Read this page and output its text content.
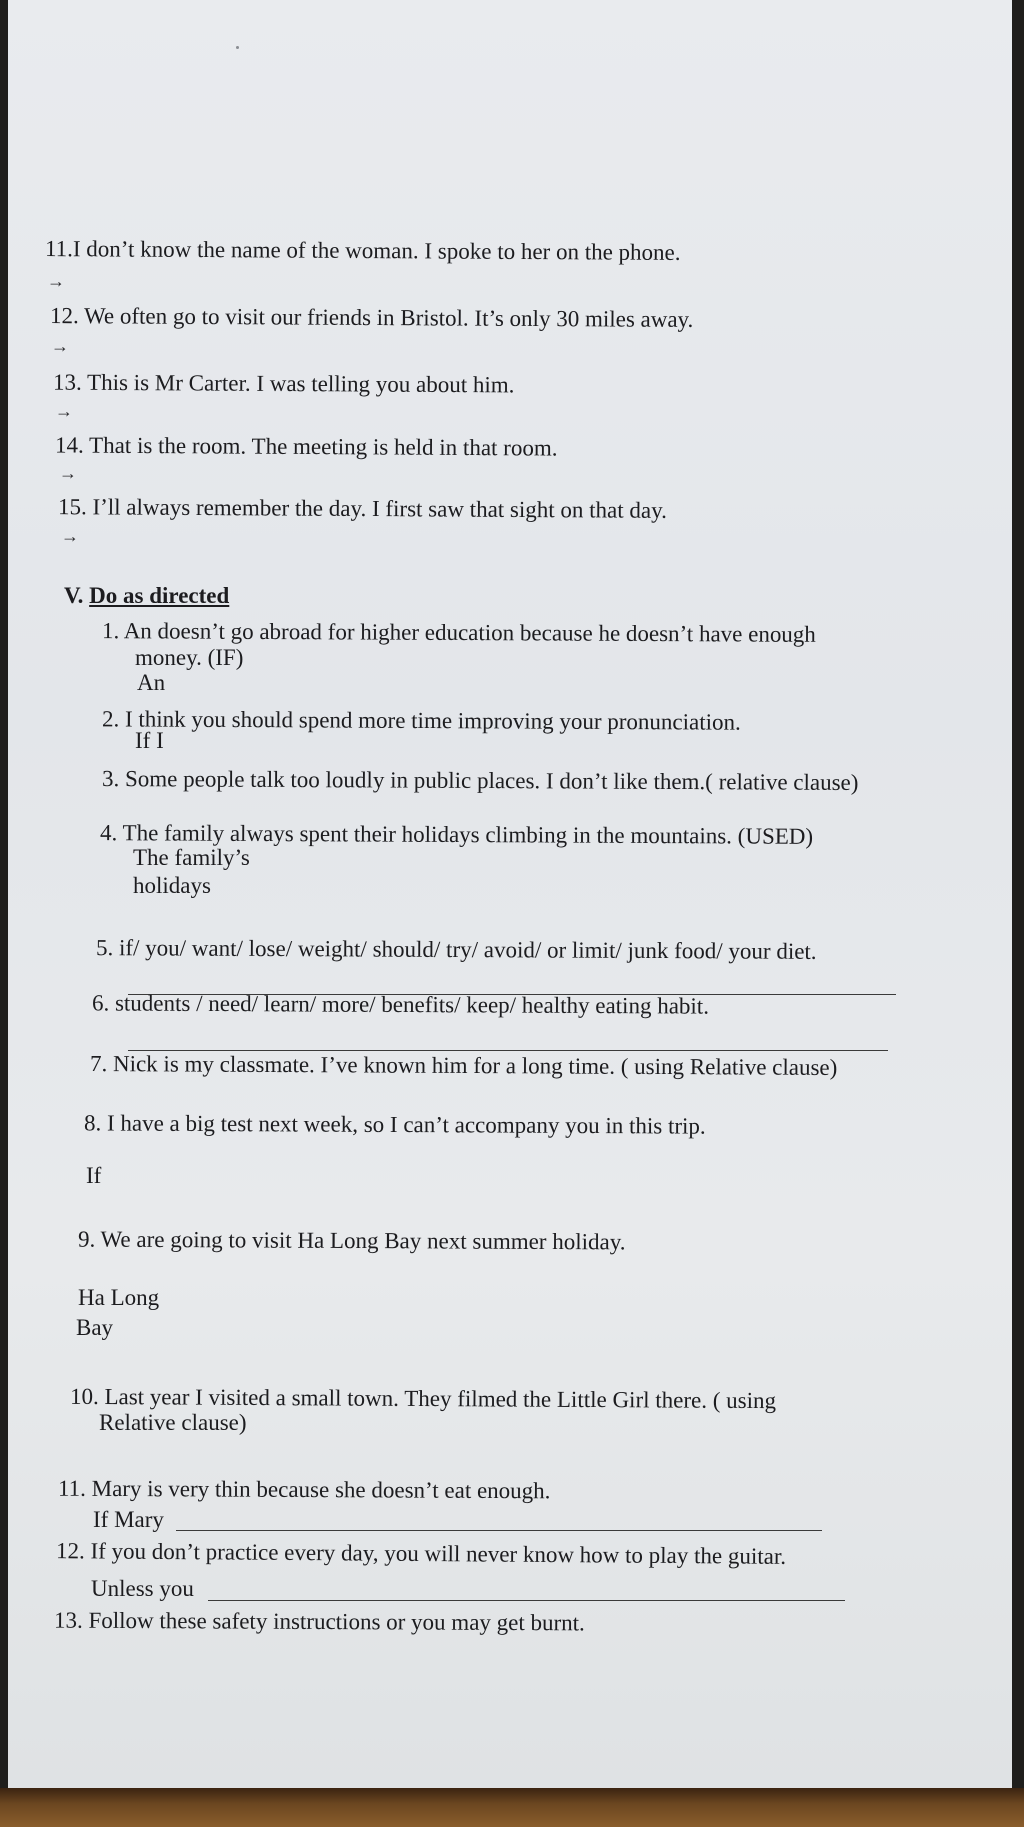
11.I don’t know the name of the woman. I spoke to her on the phone.
→
12. We often go to visit our friends in Bristol. It’s only 30 miles away.
→
13. This is Mr Carter. I was telling you about him.
→
14. That is the room. The meeting is held in that room.
→
15. I’ll always remember the day. I first saw that sight on that day.
→
V. Do as directed
1. An doesn’t go abroad for higher education because he doesn’t have enough
money. (IF)
An
2. I think you should spend more time improving your pronunciation.
If I
3. Some people talk too loudly in public places. I don’t like them.( relative clause)
4. The family always spent their holidays climbing in the mountains. (USED)
The family’s
holidays
5. if/ you/ want/ lose/ weight/ should/ try/ avoid/ or limit/ junk food/ your diet.
6. students / need/ learn/ more/ benefits/ keep/ healthy eating habit.
7. Nick is my classmate. I’ve known him for a long time. ( using Relative clause)
8. I have a big test next week, so I can’t accompany you in this trip.
If
9. We are going to visit Ha Long Bay next summer holiday.
Ha Long
Bay
10. Last year I visited a small town. They filmed the Little Girl there. ( using
Relative clause)
11. Mary is very thin because she doesn’t eat enough.
If Mary
12. If you don’t practice every day, you will never know how to play the guitar.
Unless you
13. Follow these safety instructions or you may get burnt.
